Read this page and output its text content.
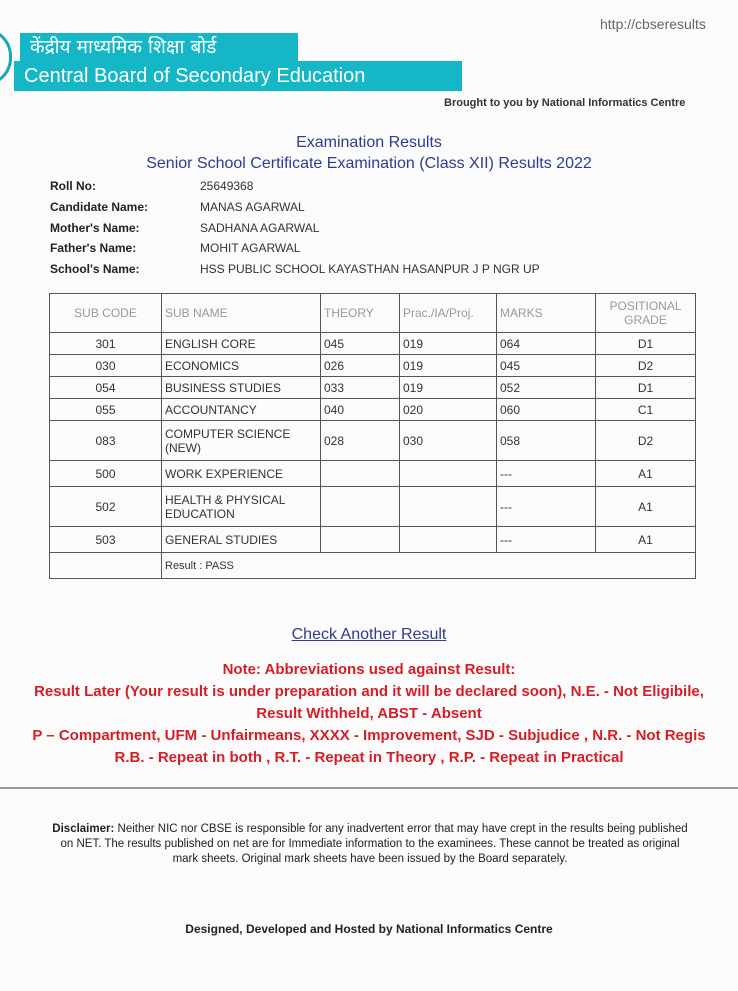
http://cbseresults
केंद्रीय माध्यमिक शिक्षा बोर्ड
Central Board of Secondary Education
Brought to you by National Informatics Centre
Examination Results
Senior School Certificate Examination (Class XII) Results 2022
Roll No:	25649368
Candidate Name:	MANAS AGARWAL
Mother's Name:	SADHANA AGARWAL
Father's Name:	MOHIT AGARWAL
School's Name:	HSS PUBLIC SCHOOL KAYASTHAN HASANPUR J P NGR UP
SUB CODE	SUB NAME	THEORY	Prac./IA/Proj.	MARKS	POSITIONAL GRADE
301	ENGLISH CORE	045	019	064	D1
030	ECONOMICS	026	019	045	D2
054	BUSINESS STUDIES	033	019	052	D1
055	ACCOUNTANCY	040	020	060	C1
083	COMPUTER SCIENCE (NEW)	028	030	058	D2
500	WORK EXPERIENCE			---	A1
502	HEALTH & PHYSICAL EDUCATION			---	A1
503	GENERAL STUDIES			---	A1
	Result : PASS				
Check Another Result
Note: Abbreviations used against Result:
Result Later (Your result is under preparation and it will be declared soon), N.E. - Not Eligibile,
Result Withheld, ABST - Absent
P – Compartment, UFM - Unfairmeans, XXXX - Improvement, SJD - Subjudice , N.R. - Not Regis
R.B. - Repeat in both , R.T. - Repeat in Theory , R.P. - Repeat in Practical
Disclaimer: Neither NIC nor CBSE is responsible for any inadvertent error that may have crept in the results being published on NET. The results published on net are for Immediate information to the examinees. These cannot be treated as original mark sheets. Original mark sheets have been issued by the Board separately.
Designed, Developed and Hosted by National Informatics Centre
